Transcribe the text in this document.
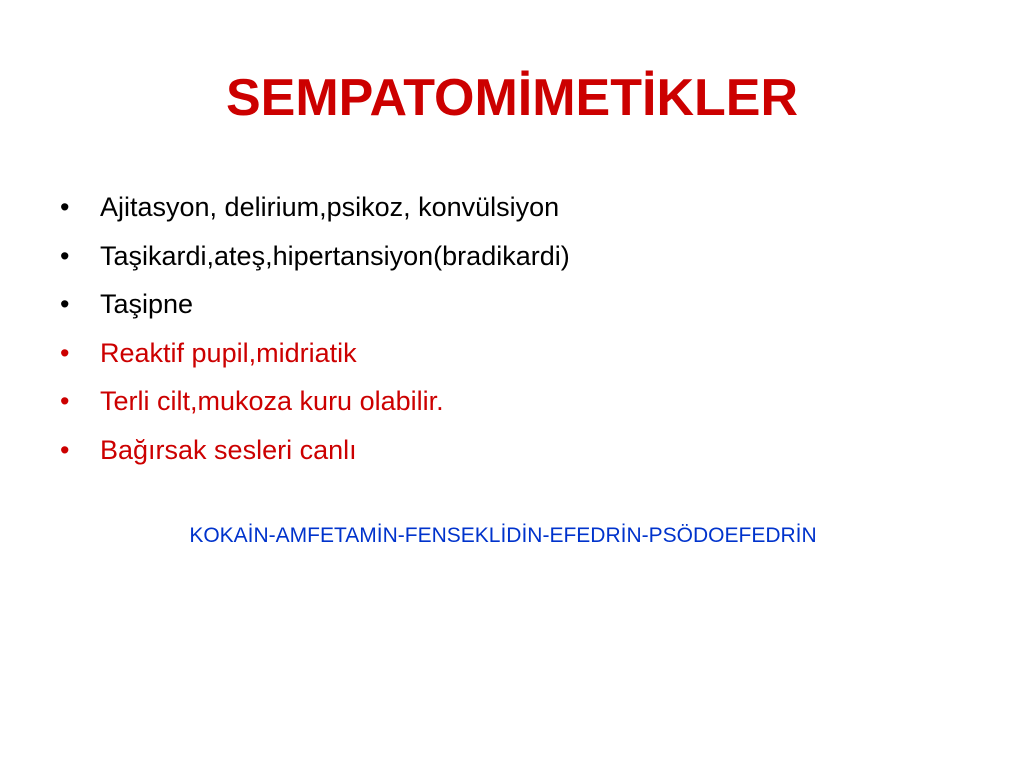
SEMPATOMİMETİKLER
• Ajitasyon, delirium,psikoz, konvülsiyon
• Taşikardi,ateş,hipertansiyon(bradikardi)
• Taşipne
• Reaktif pupil,midriatik
• Terli cilt,mukoza kuru olabilir.
• Bağırsak sesleri canlı

KOKAİN-AMFETAMİN-FENSEKLİDİN-EFEDRİN-PSÖDOEFEDRİN
